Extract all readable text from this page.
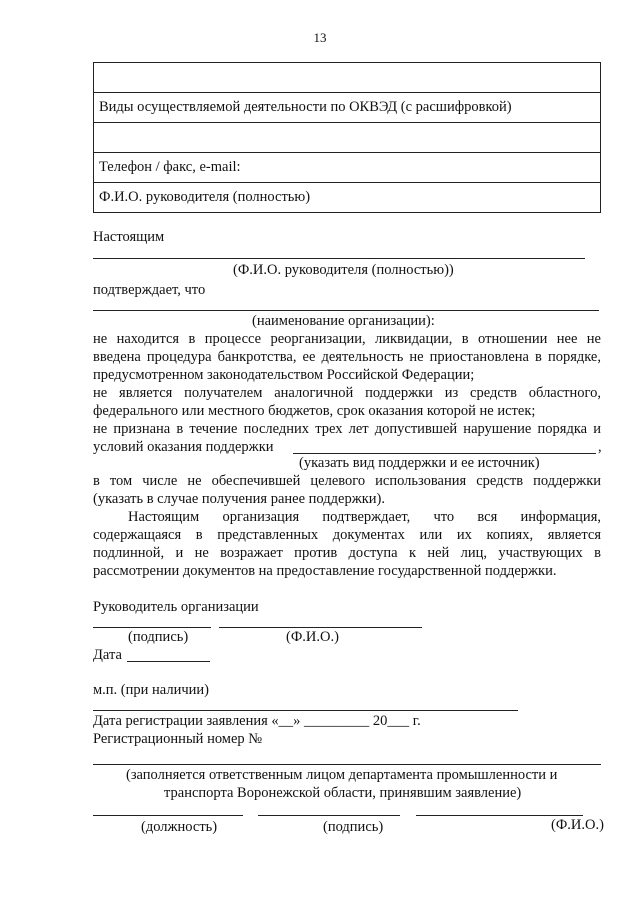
13

Виды осуществляемой деятельности по ОКВЭД (с расшифровкой)

Телефон / факс, e-mail:
Ф.И.О. руководителя (полностью)
Настоящим
(Ф.И.О. руководителя (полностью))
подтверждает, что
(наименование организации):
не находится в процессе реорганизации, ликвидации, в отношении нее не
введена процедура банкротства, ее деятельность не приостановлена в порядке,
предусмотренном законодательством Российской Федерации;
не является получателем аналогичной поддержки из средств областного,
федерального или местного бюджетов, срок оказания которой не истек;
не признана в течение последних трех лет допустившей нарушение порядка и
условий оказания поддержки	,
(указать вид поддержки и ее источник)
в том числе не обеспечившей целевого использования средств поддержки
(указать в случае получения ранее поддержки).
Настоящим организация подтверждает, что вся информация,
содержащаяся в представленных документах или их копиях, является
подлинной, и не возражает против доступа к ней лиц, участвующих в
рассмотрении документов на предоставление государственной поддержки.
Руководитель организации
(подпись)	(Ф.И.О.)
Дата
м.п. (при наличии)
Дата регистрации заявления «__» _________ 20___ г.
Регистрационный номер №
(заполняется ответственным лицом департамента промышленности и
транспорта Воронежской области, принявшим заявление)
(должность)	(подпись)	(Ф.И.О.)
